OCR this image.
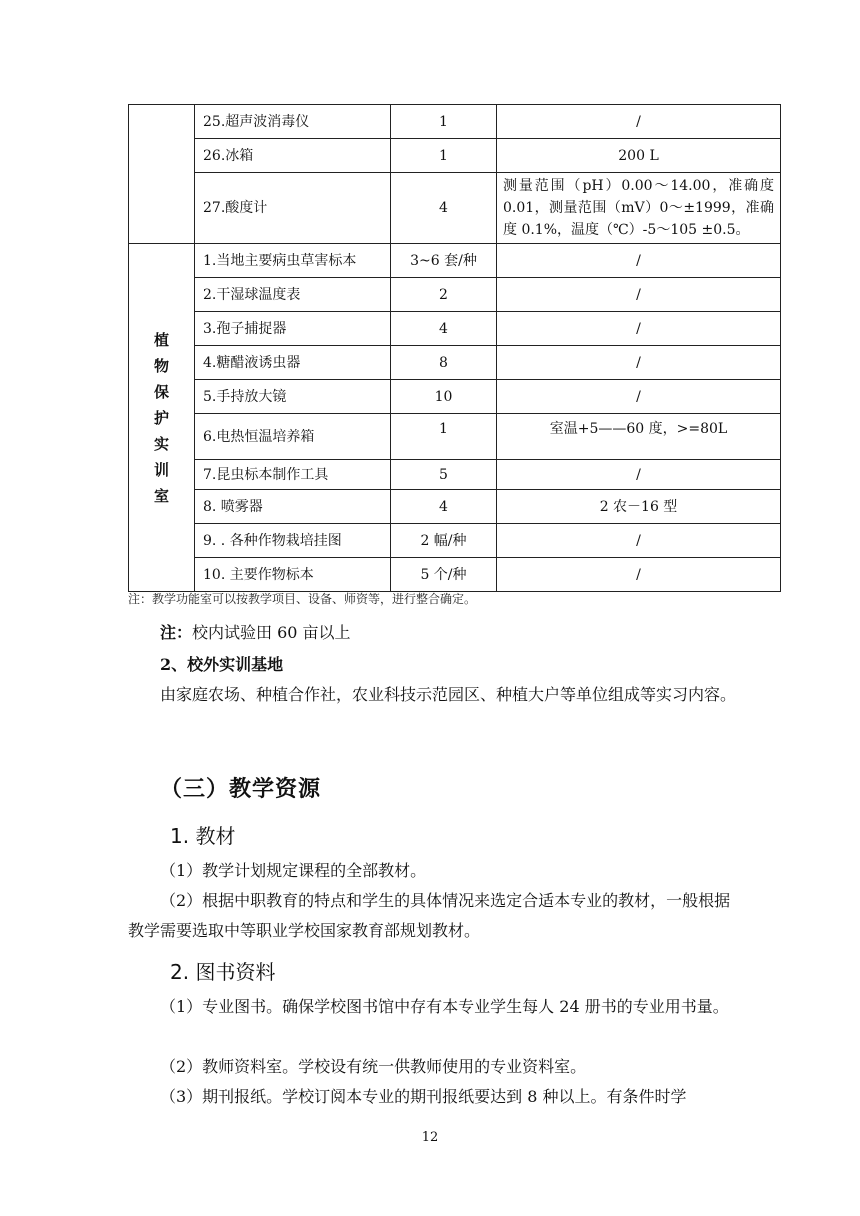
	25.超声波消毒仪	1	/
	26.冰箱	1	200 L
	27.酸度计	4	测量范围（pH）0.00～14.00，准确度0.01，测量范围（mV）0～±1999，准确度 0.1%，温度（℃）-5～105 ±0.5。
植物保护实训室	1.当地主要病虫草害标本	3~6 套/种	/
	2.干湿球温度表	2	/
	3.孢子捕捉器	4	/
	4.糖醋液诱虫器	8	/
	5.手持放大镜	10	/
	6.电热恒温培养箱	1	室温+5——60 度，>=80L
	7.昆虫标本制作工具	5	/
	8. 喷雾器	4	2 农－16 型
	9. . 各种作物栽培挂图	2 幅/种	/
	10. 主要作物标本	5 个/种	/
注：教学功能室可以按教学项目、设备、师资等，进行整合确定。
注：校内试验田 60 亩以上
2、校外实训基地
由家庭农场、种植合作社，农业科技示范园区、种植大户等单位组成等实习内容。
（三）教学资源
1. 教材
（1）教学计划规定课程的全部教材。
（2）根据中职教育的特点和学生的具体情况来选定合适本专业的教材，一般根据教学需要选取中等职业学校国家教育部规划教材。
2. 图书资料
（1）专业图书。确保学校图书馆中存有本专业学生每人 24 册书的专业用书量。
（2）教师资料室。学校设有统一供教师使用的专业资料室。
（3）期刊报纸。学校订阅本专业的期刊报纸要达到 8 种以上。有条件时学
12
